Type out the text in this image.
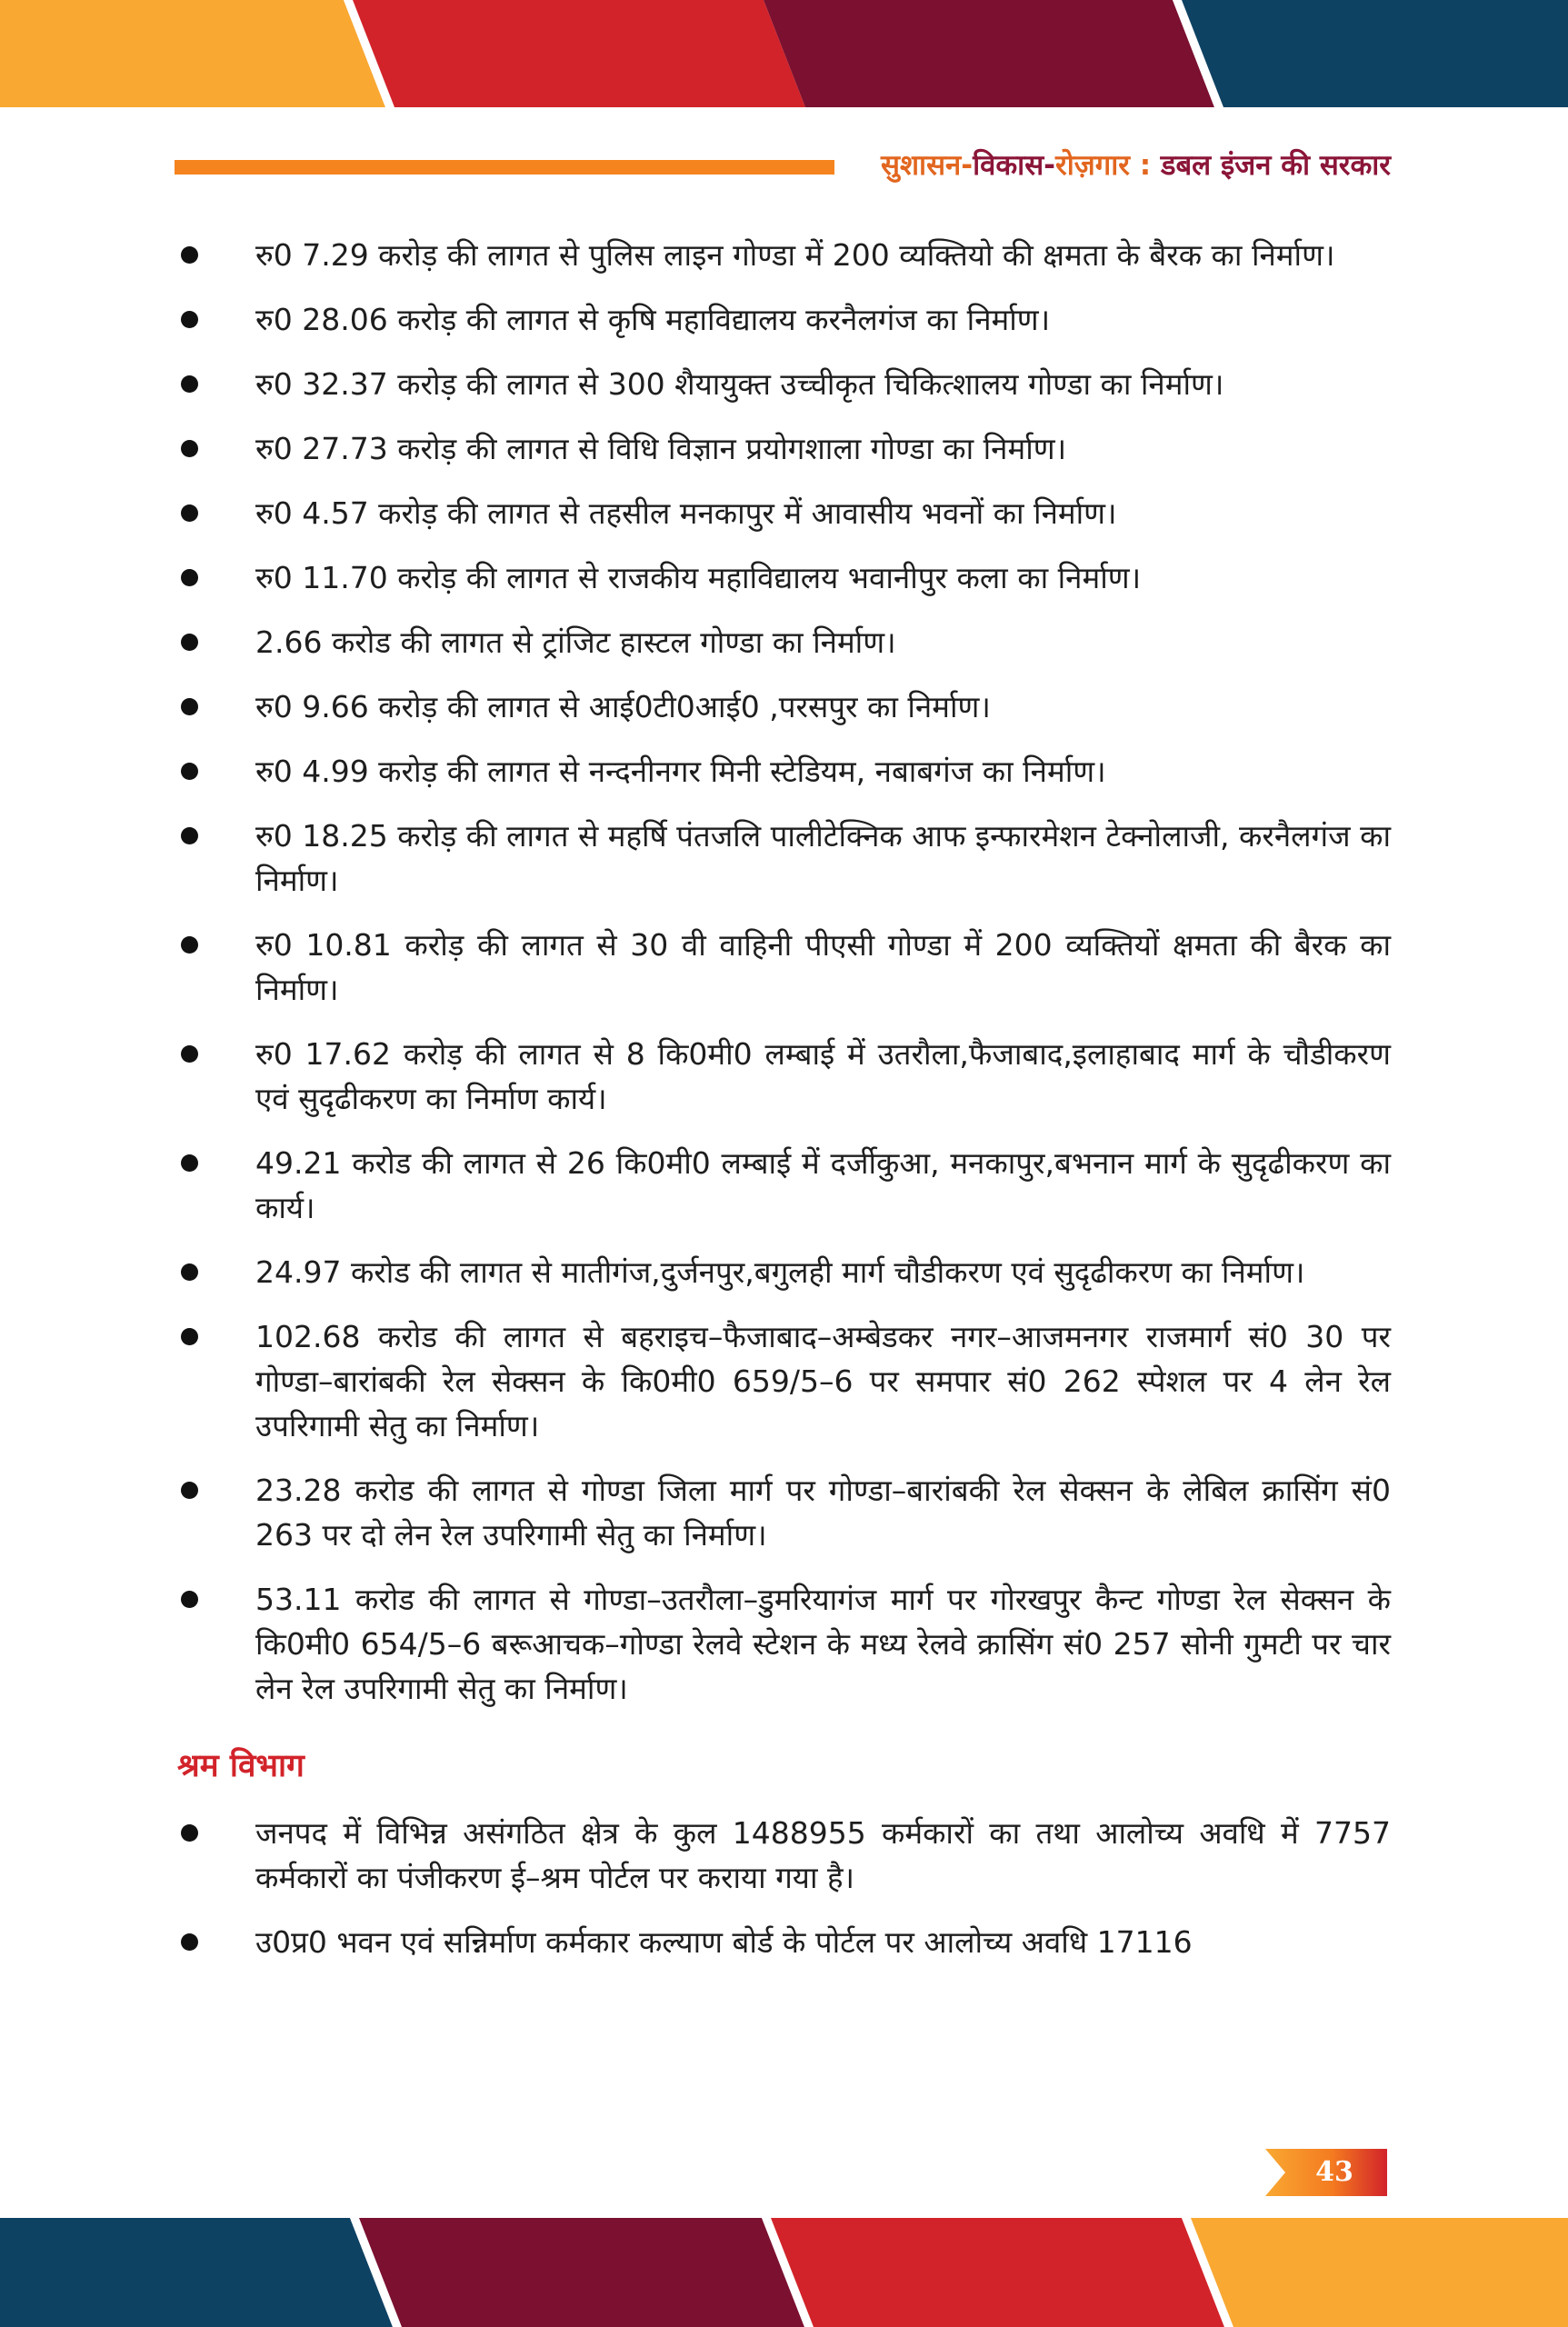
सुशासन-विकास-रोज़गार : डबल इंजन की सरकार
रु0 7.29 करोड़ की लागत से पुलिस लाइन गोण्डा में 200 व्यक्तियो की क्षमता के बैरक का निर्माण।
रु0 28.06 करोड़ की लागत से कृषि महाविद्यालय करनैलगंज का निर्माण।
रु0 32.37 करोड़ की लागत से 300 शैयायुक्त उच्चीकृत चिकित्शालय गोण्डा का निर्माण।
रु0 27.73 करोड़ की लागत से विधि विज्ञान प्रयोगशाला गोण्डा का निर्माण।
रु0 4.57 करोड़ की लागत से तहसील मनकापुर में आवासीय भवनों का निर्माण।
रु0 11.70 करोड़ की लागत से राजकीय महाविद्यालय भवानीपुर कला का निर्माण।
2.66 करोड की लागत से ट्रांजिट हास्टल गोण्डा का निर्माण।
रु0 9.66 करोड़ की लागत से आई0टी0आई0 ,परसपुर का निर्माण।
रु0 4.99 करोड़ की लागत से नन्दनीनगर मिनी स्टेडियम, नबाबगंज का निर्माण।
रु0 18.25 करोड़ की लागत से महर्षि पंतजलि पालीटेक्निक आफ इन्फारमेशन टेक्नोलाजी, करनैलगंज का निर्माण।
रु0 10.81 करोड़ की लागत से 30 वी वाहिनी पीएसी गोण्डा में 200 व्यक्तियों क्षमता की बैरक का निर्माण।
रु0 17.62 करोड़ की लागत से 8 कि0मी0 लम्बाई में उतरौला,फैजाबाद,इलाहाबाद मार्ग के चौडीकरण एवं सुदृढीकरण का निर्माण कार्य।
49.21 करोड की लागत से 26 कि0मी0 लम्बाई में दर्जीकुआ, मनकापुर,बभनान मार्ग के सुदृढीकरण का कार्य।
24.97 करोड की लागत से मातीगंज,दुर्जनपुर,बगुलही मार्ग चौडीकरण एवं सुदृढीकरण का निर्माण।
102.68 करोड की लागत से बहराइच–फैजाबाद–अम्बेडकर नगर–आजमनगर राजमार्ग सं0 30 पर गोण्डा–बारांबकी रेल सेक्सन के कि0मी0 659/5–6 पर समपार सं0 262 स्पेशल पर 4 लेन रेल उपरिगामी सेतु का निर्माण।
23.28 करोड की लागत से गोण्डा जिला मार्ग पर गोण्डा–बारांबकी रेल सेक्सन के लेबिल क्रासिंग सं0 263 पर दो लेन रेल उपरिगामी सेतु का निर्माण।
53.11 करोड की लागत से गोण्डा–उतरौला–डुमरियागंज मार्ग पर गोरखपुर कैन्ट गोण्डा रेल सेक्सन के कि0मी0 654/5–6 बरूआचक–गोण्डा रेलवे स्टेशन के मध्य रेलवे क्रासिंग सं0 257 सोनी गुमटी पर चार लेन रेल उपरिगामी सेतु का निर्माण।
श्रम विभाग
जनपद में विभिन्न असंगठित क्षेत्र के कुल 1488955 कर्मकारों का तथा आलोच्य अवधि में 7757 कर्मकारों का पंजीकरण ई–श्रम पोर्टल पर कराया गया है।
उ0प्र0 भवन एवं सन्निर्माण कर्मकार कल्याण बोर्ड के पोर्टल पर आलोच्य अवधि 17116
43
